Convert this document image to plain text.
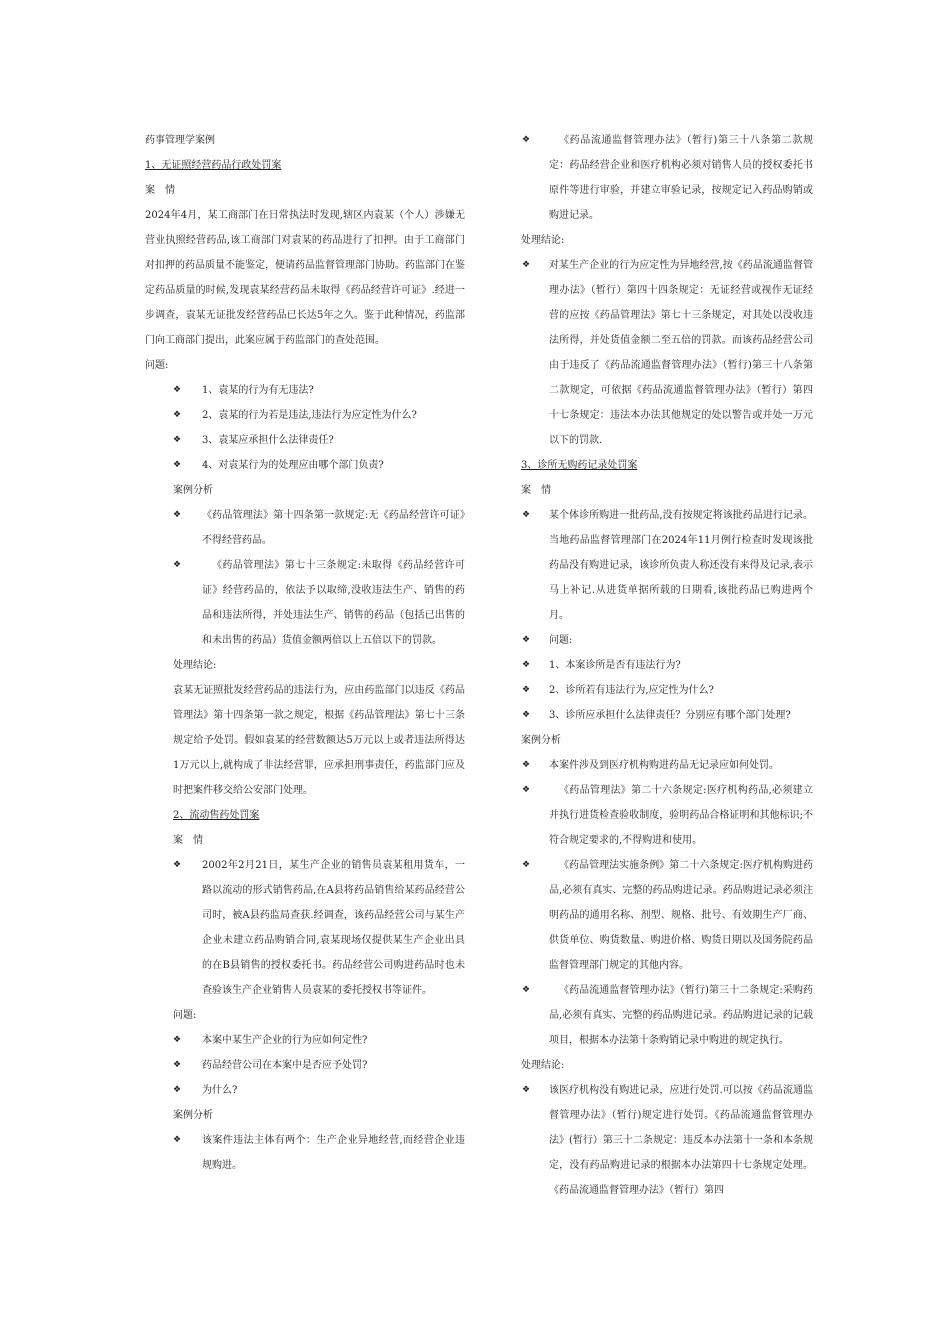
药事管理学案例
1、无证照经营药品行政处罚案
案　情
2024年4月，某工商部门在日常执法时发现,辖区内袁某（个人）涉嫌无营业执照经营药品,该工商部门对袁某的药品进行了扣押。由于工商部门对扣押的药品质量不能鉴定，便请药品监督管理部门协助。药监部门在鉴定药品质量的时候,发现袁某经营药品未取得《药品经营许可证》.经进一步调查，袁某无证批发经营药品已长达5年之久。鉴于此种情况，药监部门向工商部门提出，此案应属于药监部门的查处范围。
问题:
❖ 1、袁某的行为有无违法?
❖ 2、袁某的行为若是违法,违法行为应定性为什么?
❖ 3、袁某应承担什么法律责任?
❖ 4、对袁某行为的处理应由哪个部门负责?
案例分析
❖ 《药品管理法》第十四条第一款规定:无《药品经营许可证》不得经营药品。
❖	《药品管理法》第七十三条规定:未取得《药品经营许可证》经营药品的，依法予以取缔,没收违法生产、销售的药品和违法所得，并处违法生产、销售的药品（包括已出售的和未出售的药品）货值金额两倍以上五倍以下的罚款。
处理结论:
袁某无证照批发经营药品的违法行为，应由药监部门以违反《药品管理法》第十四条第一款之规定，根据《药品管理法》第七十三条规定给予处罚。假如袁某的经营数额达5万元以上或者违法所得达1万元以上,就构成了非法经营罪，应承担刑事责任，药监部门应及时把案件移交给公安部门处理。
2、流动售药处罚案
案　情
❖ 2002年2月21日，某生产企业的销售员袁某租用货车，一路以流动的形式销售药品,在A县将药品销售给某药品经营公司时，被A县药监局查获.经调查，该药品经营公司与某生产企业未建立药品购销合同,袁某现场仅提供某生产企业出具的在B县销售的授权委托书。药品经营公司购进药品时也未查验该生产企业销售人员袁某的委托授权书等证件。
问题:
❖ 本案中某生产企业的行为应如何定性?
❖ 药品经营公司在本案中是否应予处罚?
❖ 为什么?
案例分析
❖ 该案件违法主体有两个：生产企业异地经营,而经营企业违规购进。
❖	《药品流通监督管理办法》（暂行)第三十八条第二款规定：药品经营企业和医疗机构必须对销售人员的授权委托书原件等进行审验，并建立审验记录，按规定记入药品购销或购进记录。
处理结论:
❖ 对某生产企业的行为应定性为异地经营,按《药品流通监督管理办法》（暂行）第四十四条规定：无证经营或视作无证经营的应按《药品管理法》第七十三条规定，对其处以没收违法所得，并处货值金额二至五倍的罚款。而该药品经营公司由于违反了《药品流通监督管理办法》（暂行)第三十八条第二款规定，可依据《药品流通监督管理办法》（暂行）第四十七条规定：违法本办法其他规定的处以警告或并处一万元以下的罚款.
3、诊所无购药记录处罚案
案　情
❖ 某个体诊所购进一批药品,没有按规定将该批药品进行记录。当地药品监督管理部门在2024年11月例行检查时发现该批药品没有购进记录，该诊所负责人称还没有来得及记录,表示马上补记.从进货单据所载的日期看,该批药品已购进两个月。
❖ 问题:
❖ 1、本案诊所是否有违法行为?
❖ 2、诊所若有违法行为,应定性为什么?
❖ 3、诊所应承担什么法律责任？分别应有哪个部门处理?
案例分析
❖ 本案件涉及到医疗机构购进药品无记录应如何处罚。
❖	《药品管理法》第二十六条规定:医疗机构药品,必须建立并执行进货检查验收制度，验明药品合格证明和其他标识;不符合规定要求的,不得购进和使用。
❖	《药品管理法实施条例》第二十六条规定:医疗机构购进药品,必须有真实、完整的药品购进记录。药品购进记录必须注明药品的通用名称、剂型、规格、批号、有效期生产厂商、供货单位、购货数量、购进价格、购货日期以及国务院药品监督管理部门规定的其他内容。
❖	《药品流通监督管理办法》（暂行)第三十二条规定:采购药品,必须有真实、完整的药品购进记录。药品购进记录的记载项目，根据本办法第十条购销记录中购进的规定执行。
处理结论:
❖ 该医疗机构没有购进记录，应进行处罚.可以按《药品流通监督管理办法》（暂行)规定进行处罚。《药品流通监督管理办法》(暂行）第三十二条规定：违反本办法第十一条和本条规定，没有药品购进记录的根据本办法第四十七条规定处理。《药品流通监督管理办法》（暂行）第四
